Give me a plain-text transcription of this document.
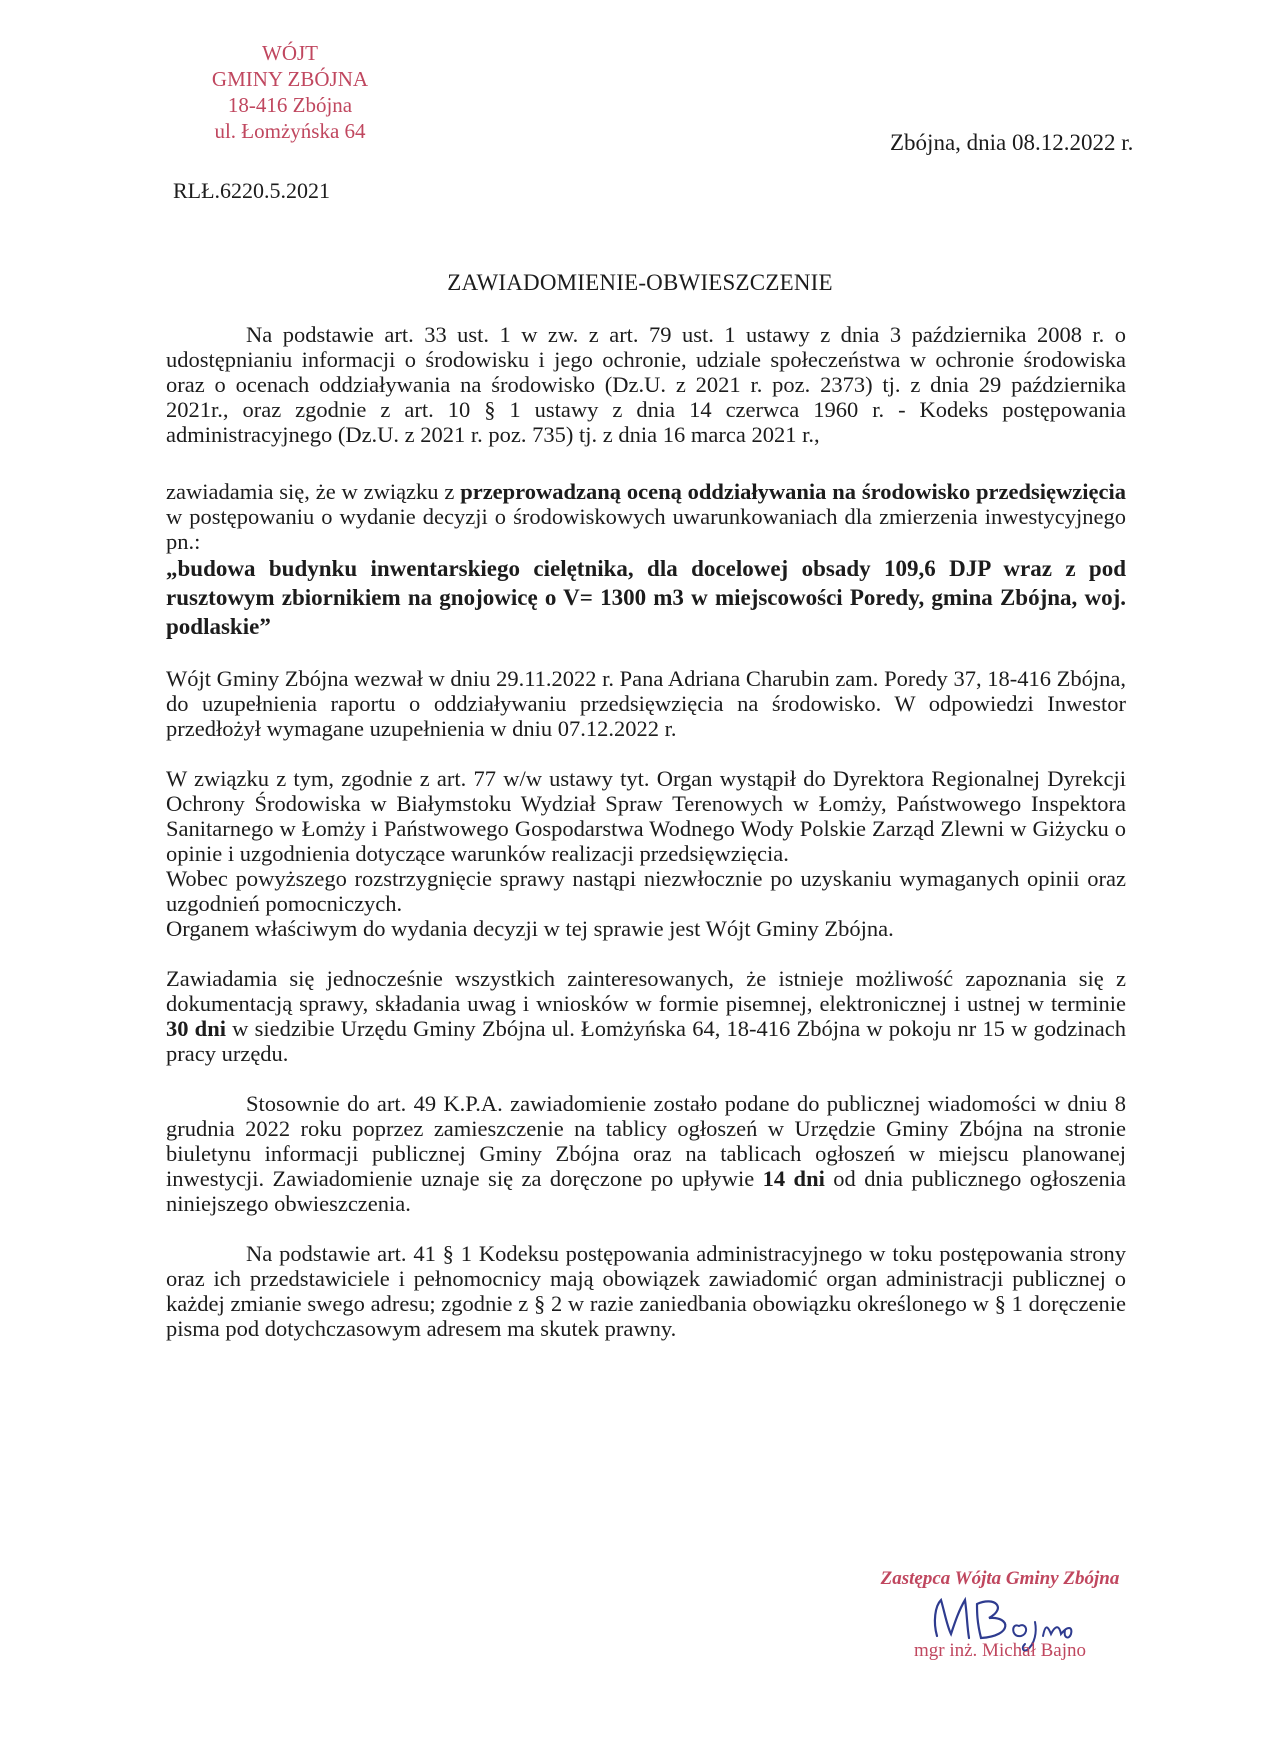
WÓJT
GMINY ZBÓJNA
18-416 Zbójna
ul. Łomżyńska 64	Zbójna, dnia 08.12.2022 r.
RLŁ.6220.5.2021
ZAWIADOMIENIE-OBWIESZCZENIE

Na podstawie art. 33 ust. 1 w zw. z art. 79 ust. 1 ustawy z dnia 3 października 2008 r. o udostępnianiu informacji o środowisku i jego ochronie, udziale społeczeństwa w ochronie środowiska oraz o ocenach oddziaływania na środowisko (Dz.U. z 2021 r. poz. 2373) tj. z dnia 29 października 2021r., oraz zgodnie z art. 10 § 1 ustawy z dnia 14 czerwca 1960 r. - Kodeks postępowania administracyjnego (Dz.U. z 2021 r. poz. 735) tj. z dnia 16 marca 2021 r.,

zawiadamia się, że w związku z przeprowadzaną oceną oddziaływania na środowisko przedsięwzięcia w postępowaniu o wydanie decyzji o środowiskowych uwarunkowaniach dla zmierzenia inwestycyjnego pn.:

„budowa budynku inwentarskiego cielętnika, dla docelowej obsady 109,6 DJP wraz z pod rusztowym zbiornikiem na gnojowicę o V= 1300 m3 w miejscowości Poredy, gmina Zbójna, woj. podlaskie”

Wójt Gminy Zbójna wezwał w dniu 29.11.2022 r. Pana Adriana Charubin zam. Poredy 37, 18-416 Zbójna, do uzupełnienia raportu o oddziaływaniu przedsięwzięcia na środowisko. W odpowiedzi Inwestor przedłożył wymagane uzupełnienia w dniu 07.12.2022 r.

W związku z tym, zgodnie z art. 77 w/w ustawy tyt. Organ wystąpił do Dyrektora Regionalnej Dyrekcji Ochrony Środowiska w Białymstoku Wydział Spraw Terenowych w Łomży, Państwowego Inspektora Sanitarnego w Łomży i Państwowego Gospodarstwa Wodnego Wody Polskie Zarząd Zlewni w Giżycku o opinie i uzgodnienia dotyczące warunków realizacji przedsięwzięcia.

Wobec powyższego rozstrzygnięcie sprawy nastąpi niezwłocznie po uzyskaniu wymaganych opinii oraz uzgodnień pomocniczych.

Organem właściwym do wydania decyzji w tej sprawie jest Wójt Gminy Zbójna.

Zawiadamia się jednocześnie wszystkich zainteresowanych, że istnieje możliwość zapoznania się z dokumentacją sprawy, składania uwag i wniosków w formie pisemnej, elektronicznej i ustnej w terminie 30 dni w siedzibie Urzędu Gminy Zbójna ul. Łomżyńska 64, 18-416 Zbójna w pokoju nr 15 w godzinach pracy urzędu.

Stosownie do art. 49 K.P.A. zawiadomienie zostało podane do publicznej wiadomości w dniu 8 grudnia 2022 roku poprzez zamieszczenie na tablicy ogłoszeń w Urzędzie Gminy Zbójna na stronie biuletynu informacji publicznej Gminy Zbójna oraz na tablicach ogłoszeń w miejscu planowanej inwestycji. Zawiadomienie uznaje się za doręczone po upływie 14 dni od dnia publicznego ogłoszenia niniejszego obwieszczenia.

Na podstawie art. 41 § 1 Kodeksu postępowania administracyjnego w toku postępowania strony oraz ich przedstawiciele i pełnomocnicy mają obowiązek zawiadomić organ administracji publicznej o każdej zmianie swego adresu; zgodnie z § 2 w razie zaniedbania obowiązku określonego w § 1 doręczenie pisma pod dotychczasowym adresem ma skutek prawny.

Zastępca Wójta Gminy Zbójna
mgr inż. Michał Bajno
